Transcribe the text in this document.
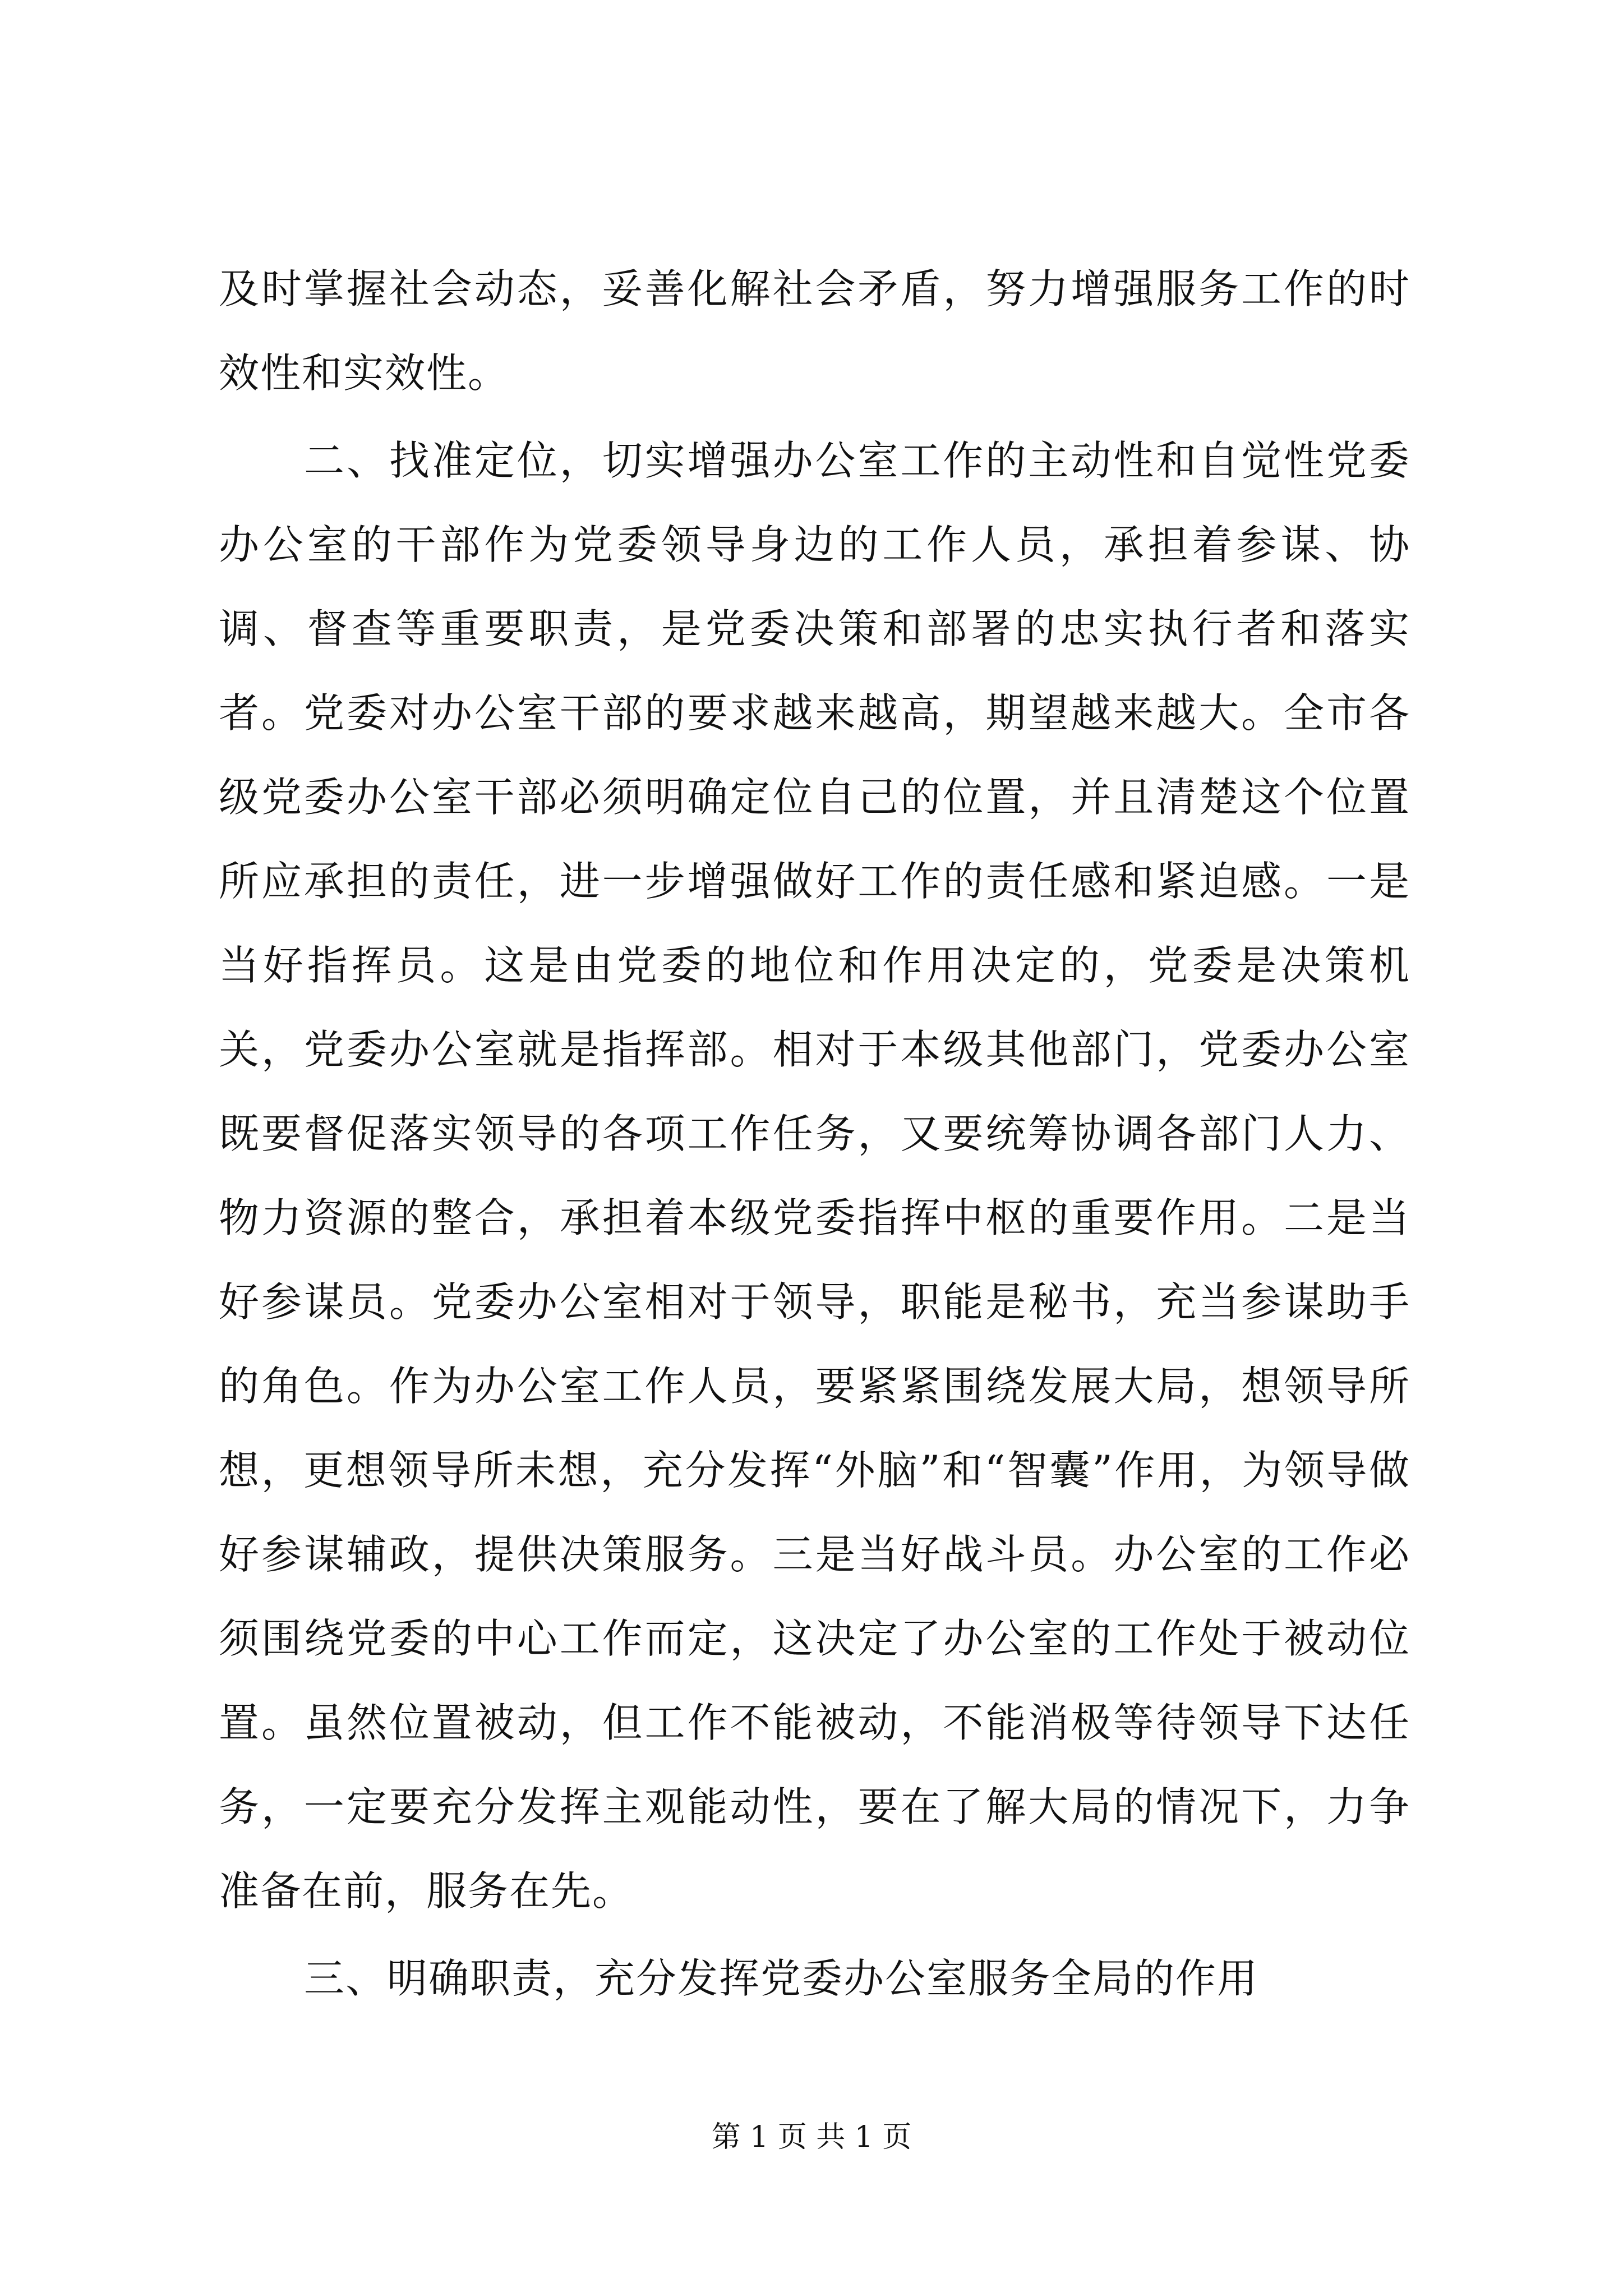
及时掌握社会动态，妥善化解社会矛盾，努力增强服务工作的时效性和实效性。

二、找准定位，切实增强办公室工作的主动性和自觉性党委办公室的干部作为党委领导身边的工作人员，承担着参谋、协调、督查等重要职责，是党委决策和部署的忠实执行者和落实者。党委对办公室干部的要求越来越高，期望越来越大。全市各级党委办公室干部必须明确定位自己的位置，并且清楚这个位置所应承担的责任，进一步增强做好工作的责任感和紧迫感。一是当好指挥员。这是由党委的地位和作用决定的，党委是决策机关，党委办公室就是指挥部。相对于本级其他部门，党委办公室既要督促落实领导的各项工作任务，又要统筹协调各部门人力、物力资源的整合，承担着本级党委指挥中枢的重要作用。二是当好参谋员。党委办公室相对于领导，职能是秘书，充当参谋助手的角色。作为办公室工作人员，要紧紧围绕发展大局，想领导所想，更想领导所未想，充分发挥“外脑”和“智囊”作用，为领导做好参谋辅政，提供决策服务。三是当好战斗员。办公室的工作必须围绕党委的中心工作而定，这决定了办公室的工作处于被动位置。虽然位置被动，但工作不能被动，不能消极等待领导下达任务，一定要充分发挥主观能动性，要在了解大局的情况下，力争准备在前，服务在先。

三、明确职责，充分发挥党委办公室服务全局的作用

第 1 页 共 1 页
